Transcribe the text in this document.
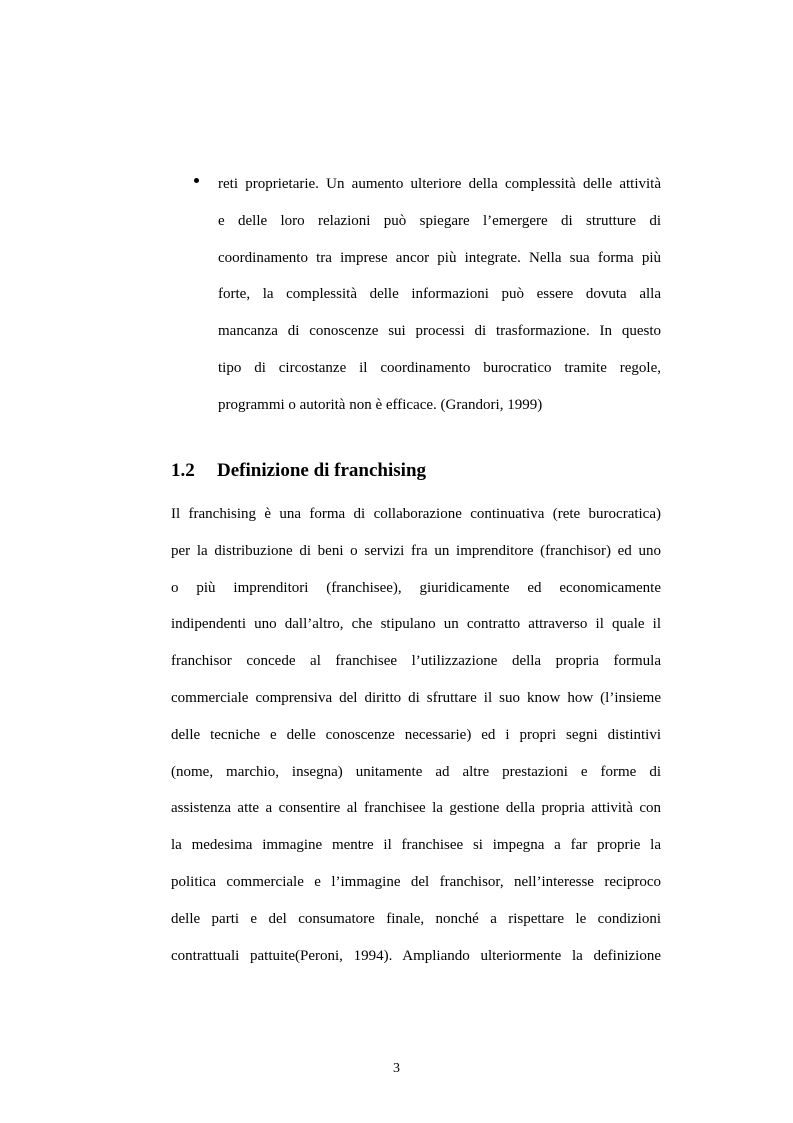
reti proprietarie. Un aumento ulteriore della complessità delle attività
e delle loro relazioni può spiegare l’emergere di strutture di
coordinamento tra imprese ancor più integrate. Nella sua forma più
forte, la complessità delle informazioni può essere dovuta alla
mancanza di conoscenze sui processi di trasformazione. In questo
tipo di circostanze il coordinamento burocratico tramite regole,
programmi o autorità non è efficace. (Grandori, 1999)
1.2 Definizione di franchising
Il franchising è una forma di collaborazione continuativa (rete burocratica)
per la distribuzione di beni o servizi fra un imprenditore (franchisor) ed uno
o più imprenditori (franchisee), giuridicamente ed economicamente
indipendenti uno dall’altro, che stipulano un contratto attraverso il quale il
franchisor concede al franchisee l’utilizzazione della propria formula
commerciale comprensiva del diritto di sfruttare il suo know how (l’insieme
delle tecniche e delle conoscenze necessarie) ed i propri segni distintivi
(nome, marchio, insegna) unitamente ad altre prestazioni e forme di
assistenza atte a consentire al franchisee la gestione della propria attività con
la medesima immagine mentre il franchisee si impegna a far proprie la
politica commerciale e l’immagine del franchisor, nell’interesse reciproco
delle parti e del consumatore finale, nonché a rispettare le condizioni
contrattuali pattuite(Peroni, 1994). Ampliando ulteriormente la definizione
3
